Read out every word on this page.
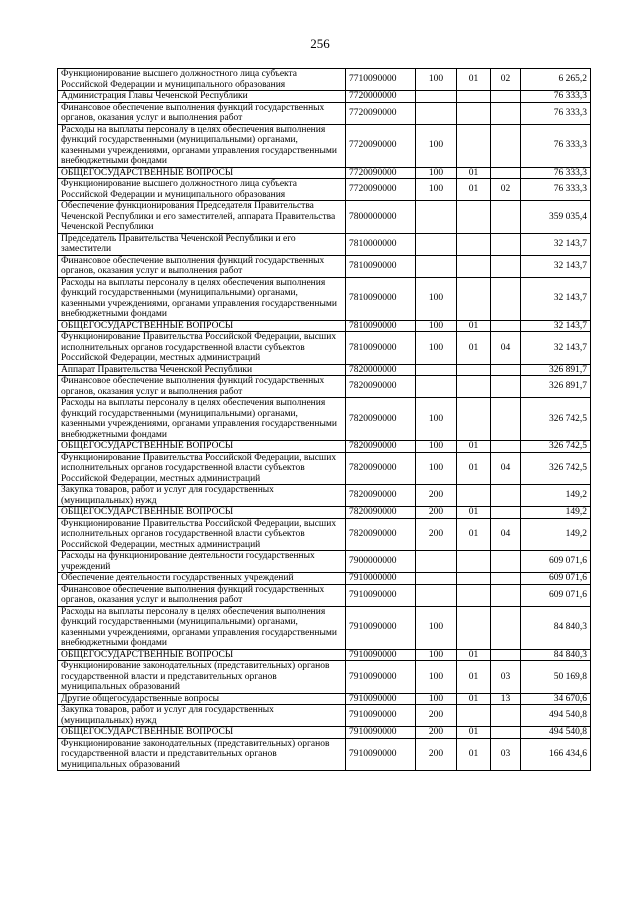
256
Функционирование высшего должностного лица субъекта Российской Федерации и муниципального образования	7710090000	100	01	02	6 265,2
Администрация Главы Чеченской Республики	7720000000				76 333,3
Финансовое обеспечение выполнения функций государственных органов, оказания услуг и выполнения работ	7720090000				76 333,3
Расходы на выплаты персоналу в целях обеспечения выполнения функций государственными (муниципальными) органами, казенными учреждениями, органами управления государственными внебюджетными фондами	7720090000	100			76 333,3
ОБЩЕГОСУДАРСТВЕННЫЕ ВОПРОСЫ	7720090000	100	01		76 333,3
Функционирование высшего должностного лица субъекта Российской Федерации и муниципального образования	7720090000	100	01	02	76 333,3
Обеспечение функционирования Председателя Правительства Чеченской Республики и его заместителей, аппарата Правительства Чеченской Республики	7800000000				359 035,4
Председатель Правительства Чеченской Республики и его заместители	7810000000				32 143,7
Финансовое обеспечение выполнения функций государственных органов, оказания услуг и выполнения работ	7810090000				32 143,7
Расходы на выплаты персоналу в целях обеспечения выполнения функций государственными (муниципальными) органами, казенными учреждениями, органами управления государственными внебюджетными фондами	7810090000	100			32 143,7
ОБЩЕГОСУДАРСТВЕННЫЕ ВОПРОСЫ	7810090000	100	01		32 143,7
Функционирование Правительства Российской Федерации, высших исполнительных органов государственной власти субъектов Российской Федерации, местных администраций	7810090000	100	01	04	32 143,7
Аппарат Правительства Чеченской Республики	7820000000				326 891,7
Финансовое обеспечение выполнения функций государственных органов, оказания услуг и выполнения работ	7820090000				326 891,7
Расходы на выплаты персоналу в целях обеспечения выполнения функций государственными (муниципальными) органами, казенными учреждениями, органами управления государственными внебюджетными фондами	7820090000	100			326 742,5
ОБЩЕГОСУДАРСТВЕННЫЕ ВОПРОСЫ	7820090000	100	01		326 742,5
Функционирование Правительства Российской Федерации, высших исполнительных органов государственной власти субъектов Российской Федерации, местных администраций	7820090000	100	01	04	326 742,5
Закупка товаров, работ и услуг для государственных (муниципальных) нужд	7820090000	200			149,2
ОБЩЕГОСУДАРСТВЕННЫЕ ВОПРОСЫ	7820090000	200	01		149,2
Функционирование Правительства Российской Федерации, высших исполнительных органов государственной власти субъектов Российской Федерации, местных администраций	7820090000	200	01	04	149,2
Расходы на функционирование деятельности государственных учреждений	7900000000				609 071,6
Обеспечение деятельности государственных учреждений	7910000000				609 071,6
Финансовое обеспечение выполнения функций государственных органов, оказания услуг и выполнения работ	7910090000				609 071,6
Расходы на выплаты персоналу в целях обеспечения выполнения функций государственными (муниципальными) органами, казенными учреждениями, органами управления государственными внебюджетными фондами	7910090000	100			84 840,3
ОБЩЕГОСУДАРСТВЕННЫЕ ВОПРОСЫ	7910090000	100	01		84 840,3
Функционирование законодательных (представительных) органов государственной власти и представительных органов муниципальных образований	7910090000	100	01	03	50 169,8
Другие общегосударственные вопросы	7910090000	100	01	13	34 670,6
Закупка товаров, работ и услуг для государственных (муниципальных) нужд	7910090000	200			494 540,8
ОБЩЕГОСУДАРСТВЕННЫЕ ВОПРОСЫ	7910090000	200	01		494 540,8
Функционирование законодательных (представительных) органов государственной власти и представительных органов муниципальных образований	7910090000	200	01	03	166 434,6
